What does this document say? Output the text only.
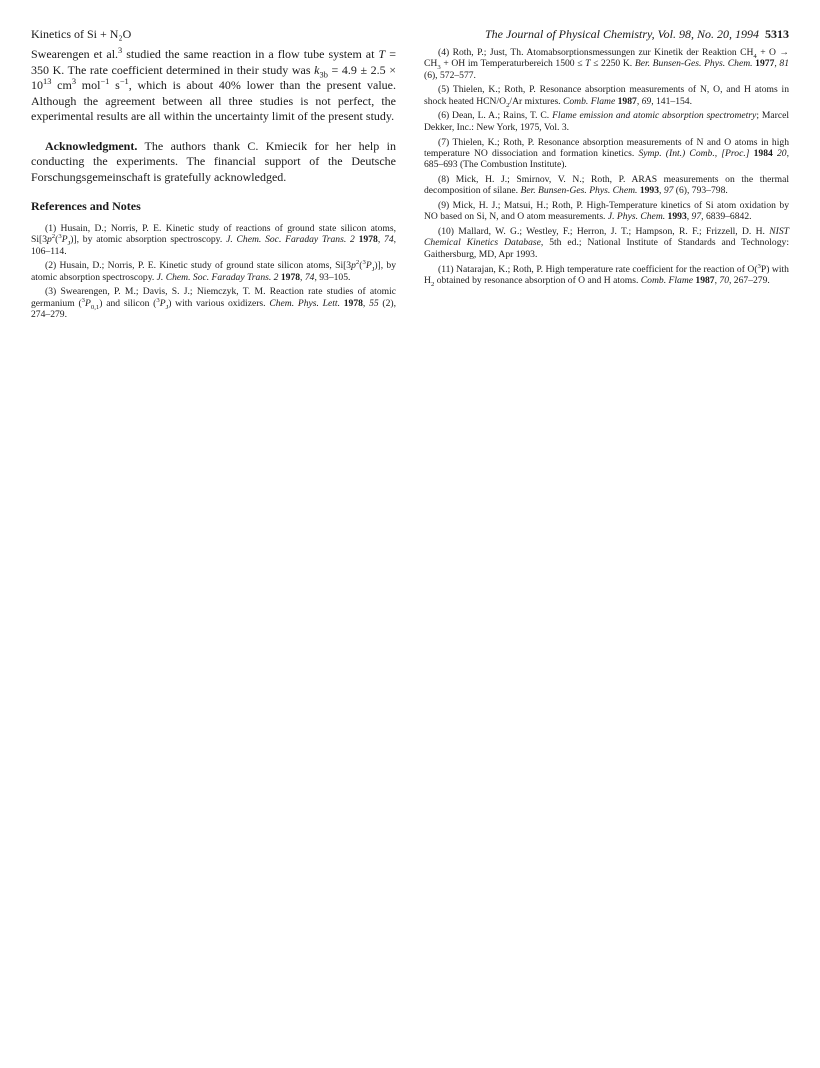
Kinetics of Si + N₂O	The Journal of Physical Chemistry, Vol. 98, No. 20, 1994 5313

Swearengen et al.$^3$ studied the same reaction in a flow tube system at T = 350 K. The rate coefficient determined in their study was $k_{3b} = 4.9 \pm 2.5 \times 10^{13}$ $cm^3$ mol$^{-1}$ $s^{-1}$, which is about 40% lower than the present value. Although the agreement between all three studies is not perfect, the experimental results are all within the uncertainty limit of the present study.

Acknowledgment. The authors thank C. Kmiecik for her help in conducting the experiments. The financial support of the Deutsche Forschungsgemeinschaft is gratefully acknowledged.

References and Notes

(1) Husain, D.; Norris, P. E. Kinetic study of reactions of ground state silicon atoms, $Si[3p^2(^3P_J)]$, by atomic absorption spectroscopy. J. Chem. Soc. Faraday Trans. 2 1978, 74, 106–114.

(2) Husain, D.; Norris, P. E. Kinetic study of ground state silicon atoms, $Si[3p^2(^3P_J)]$, by atomic absorption spectroscopy. J. Chem. Soc. Faraday Trans. 2 1978, 74, 93–105.

(3) Swearengen, P. M.; Davis, S. J.; Niemczyk, T. M. Reaction rate studies of atomic germanium $(^3P_{0,1})$ and silicon $(^3P_J)$ with various oxidizers. Chem. Phys. Lett. 1978, 55 (2), 274–279.

(4) Roth, P.; Just, Th. Atomabsorptionsmessungen zur Kinetik der Reaktion $CH_4 + O \to CH_3$ + OH im Temperaturbereich 1500 ≤ T ≤ 2250 K. Ber. Bunsen-Ges. Phys. Chem. 1977, 81 (6), 572–577.

(5) Thielen, K.; Roth, P. Resonance absorption measurements of N, O, and H atoms in shock heated HCN/$O_2/Ar$ mixtures. Comb. Flame 1987, 69, 141–154.

(6) Dean, L. A.; Rains, T. C. Flame emission and atomic absorption spectrometry; Marcel Dekker, Inc.: New York, 1975, Vol. 3.

(7) Thielen, K.; Roth, P. Resonance absorption measurements of N and O atoms in high temperature NO dissociation and formation kinetics. Symp. (Int.) Comb., [Proc.] 1984 20, 685–693 (The Combustion Institute).

(8) Mick, H. J.; Smirnov, V. N.; Roth, P. ARAS measurements on the thermal decomposition of silane. Ber. Bunsen-Ges. Phys. Chem. 1993, 97 (6), 793–798.

(9) Mick, H. J.; Matsui, H.; Roth, P. High-Temperature kinetics of Si atom oxidation by NO based on Si, N, and O atom measurements. J. Phys. Chem. 1993, 97, 6839–6842.

(10) Mallard, W. G.; Westley, F.; Herron, J. T.; Hampson, R. F.; Frizzell, D. H. NIST Chemical Kinetics Database, 5th ed.; National Institute of Standards and Technology: Gaithersburg, MD, Apr 1993.

(11) Natarajan, K.; Roth, P. High temperature rate coefficient for the reaction of O($^3$P) with $H_2$ obtained by resonance absorption of O and H atoms. Comb. Flame 1987, 70, 267–279.
